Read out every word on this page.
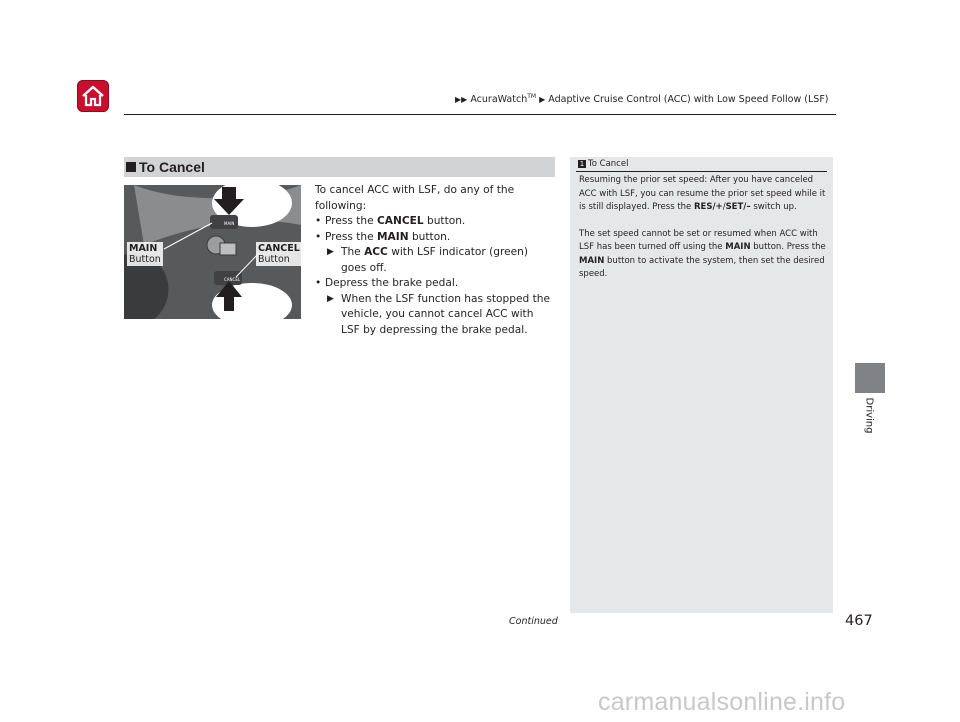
▶▶ AcuraWatch™ ▶ Adaptive Cruise Control (ACC) with Low Speed Follow (LSF)
Driving
To Cancel
MAIN
CANCEL
MAIN
Button
CANCEL
Button

To cancel ACC with LSF, do any of the following:

• Press the CANCEL button.

• Press the MAIN button.

▶ The ACC with LSF indicator (green) goes off.

• Depress the brake pedal.

▶ When the LSF function has stopped the vehicle, you cannot cancel ACC with LSF by depressing the brake pedal.

1 To Cancel

Resuming the prior set speed: After you have canceled ACC with LSF, you can resume the prior set speed while it is still displayed. Press the RES/+/SET/– switch up.

The set speed cannot be set or resumed when ACC with LSF has been turned off using the MAIN button. Press the MAIN button to activate the system, then set the desired speed.

Continued	467
carmanualsonline.info
